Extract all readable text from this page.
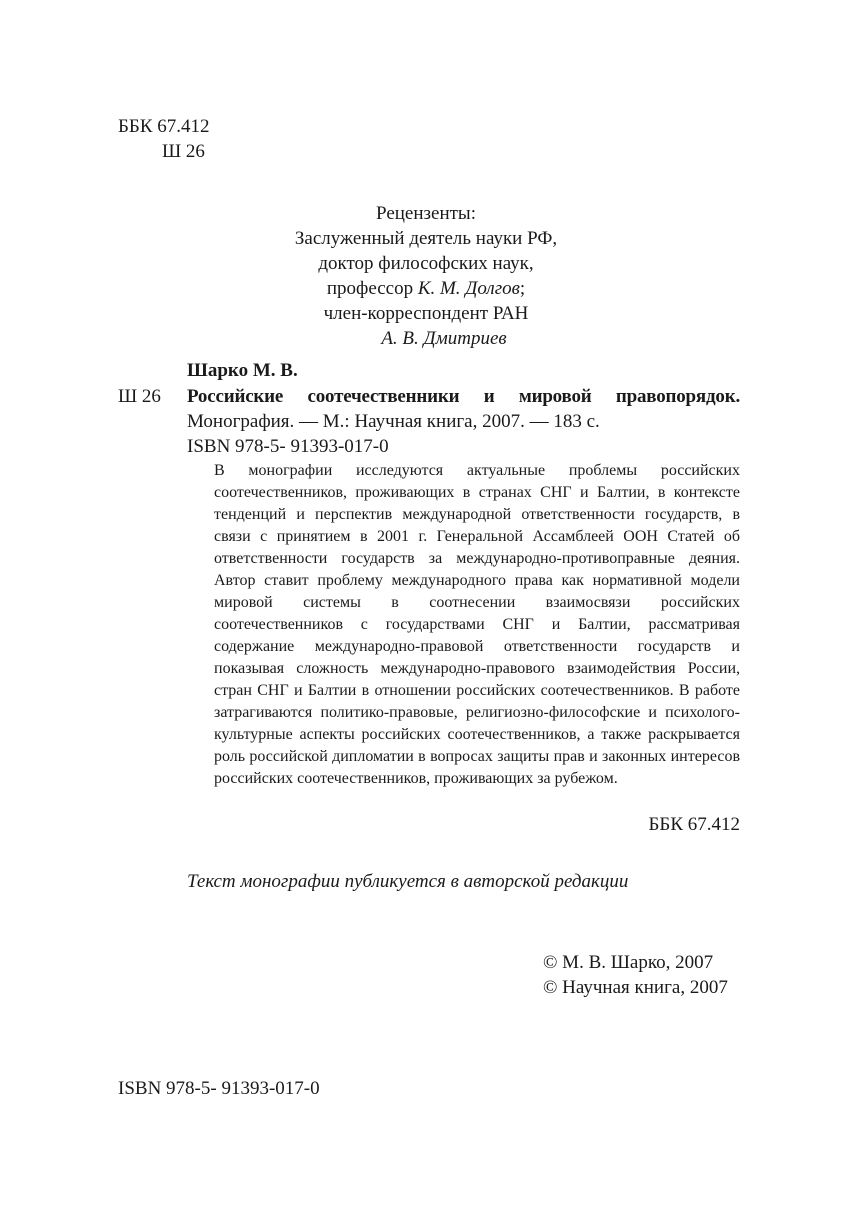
ББК 67.412
Ш 26
Рецензенты:
Заслуженный деятель науки РФ,
доктор философских наук,
профессор К. М. Долгов;
член-корреспондент РАН
А. В. Дмитриев
Шарко М. В.
Ш 26 Российские соотечественники и мировой правопорядок. Монография. — М.: Научная книга, 2007. — 183 с.
ISBN 978-5- 91393-017-0
В монографии исследуются актуальные проблемы российских соотечественников, проживающих в странах СНГ и Балтии, в контексте тенденций и перспектив международной ответственности государств, в связи с принятием в 2001 г. Генеральной Ассамблеей ООН Статей об ответственности государств за международно-противоправные деяния. Автор ставит проблему международного права как нормативной модели мировой системы в соотнесении взаимосвязи российских соотечественников с государствами СНГ и Балтии, рассматривая содержание международно-правовой ответственности государств и показывая сложность международно-правового взаимодействия России, стран СНГ и Балтии в отношении российских соотечественников. В работе затрагиваются политико-правовые, религиозно-философские и психолого-культурные аспекты российских соотечественников, а также раскрывается роль российской дипломатии в вопросах защиты прав и законных интересов российских соотечественников, проживающих за рубежом.
ББК 67.412
Текст монографии публикуется в авторской редакции
© М. В. Шарко, 2007
© Научная книга, 2007
ISBN 978-5- 91393-017-0
